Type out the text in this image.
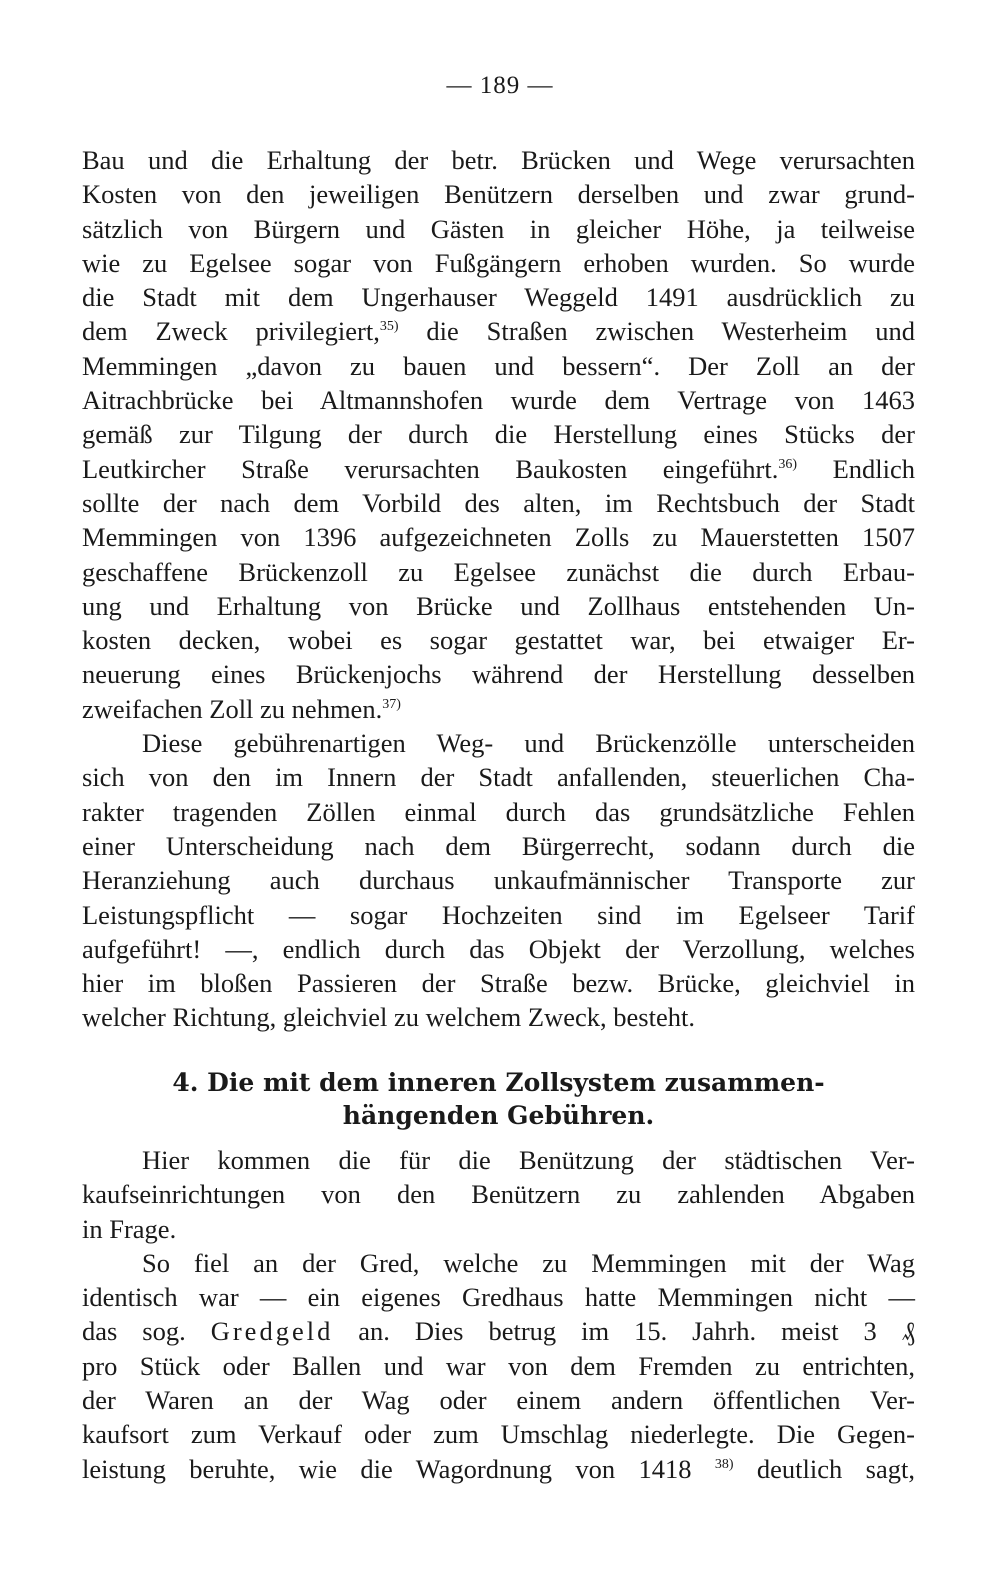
— 189 —
Bau und die Erhaltung der betr. Brücken und Wege verursachten
Kosten von den jeweiligen Benützern derselben und zwar grund-
sätzlich von Bürgern und Gästen in gleicher Höhe, ja teilweise
wie zu Egelsee sogar von Fußgängern erhoben wurden. So wurde
die Stadt mit dem Ungerhauser Weggeld 1491 ausdrücklich zu
dem Zweck privilegiert,$^{35)}$ die Straßen zwischen Westerheim und
Memmingen „davon zu bauen und bessern“. Der Zoll an der
Aitrachbrücke bei Altmannshofen wurde dem Vertrage von 1463
gemäß zur Tilgung der durch die Herstellung eines Stücks der
Leutkircher Straße verursachten Baukosten eingeführt.$^{36)}$ Endlich
sollte der nach dem Vorbild des alten, im Rechtsbuch der Stadt
Memmingen von 1396 aufgezeichneten Zolls zu Mauerstetten 1507
geschaffene Brückenzoll zu Egelsee zunächst die durch Erbau-
ung und Erhaltung von Brücke und Zollhaus entstehenden Un-
kosten decken, wobei es sogar gestattet war, bei etwaiger Er-
neuerung eines Brückenjochs während der Herstellung desselben
zweifachen Zoll zu nehmen.$^{37)}$
Diese gebührenartigen Weg- und Brückenzölle unterscheiden
sich von den im Innern der Stadt anfallenden, steuerlichen Cha-
rakter tragenden Zöllen einmal durch das grundsätzliche Fehlen
einer Unterscheidung nach dem Bürgerrecht, sodann durch die
Heranziehung auch durchaus unkaufmännischer Transporte zur
Leistungspflicht — sogar Hochzeiten sind im Egelseer Tarif
aufgeführt! —, endlich durch das Objekt der Verzollung, welches
hier im bloßen Passieren der Straße bezw. Brücke, gleichviel in
welcher Richtung, gleichviel zu welchem Zweck, besteht.
4. Die mit dem inneren Zollsystem zusammen-
hängenden Gebühren.
Hier kommen die für die Benützung der städtischen Ver-
kaufseinrichtungen von den Benützern zu zahlenden Abgaben
in Frage.
So fiel an der Gred, welche zu Memmingen mit der Wag
identisch war — ein eigenes Gredhaus hatte Memmingen nicht —
das sog. Gredgeld an. Dies betrug im 15. Jahrh. meist 3 ₰
pro Stück oder Ballen und war von dem Fremden zu entrichten,
der Waren an der Wag oder einem andern öffentlichen Ver-
kaufsort zum Verkauf oder zum Umschlag niederlegte. Die Gegen-
leistung beruhte, wie die Wagordnung von 1418 $^{38)}$ deutlich sagt,
